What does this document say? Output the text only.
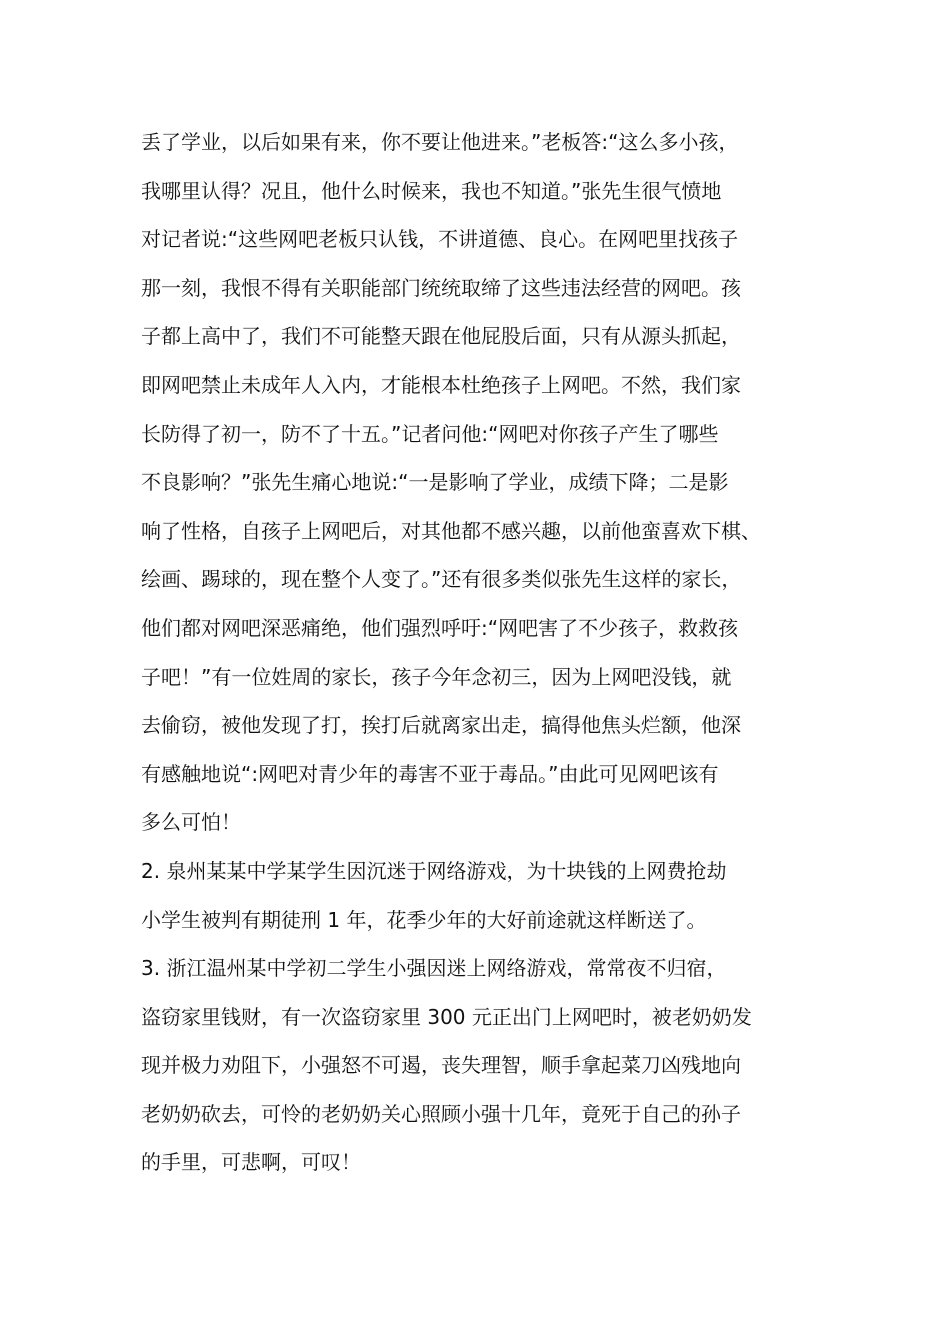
丢了学业，以后如果有来，你不要让他进来。”老板答:“这么多小孩，
我哪里认得？况且，他什么时候来，我也不知道。”张先生很气愤地
对记者说:“这些网吧老板只认钱，不讲道德、良心。在网吧里找孩子
那一刻，我恨不得有关职能部门统统取缔了这些违法经营的网吧。孩
子都上高中了，我们不可能整天跟在他屁股后面，只有从源头抓起，
即网吧禁止未成年人入内，才能根本杜绝孩子上网吧。不然，我们家
长防得了初一，防不了十五。”记者问他:“网吧对你孩子产生了哪些
不良影响？”张先生痛心地说:“一是影响了学业，成绩下降；二是影
响了性格，自孩子上网吧后，对其他都不感兴趣，以前他蛮喜欢下棋、
绘画、踢球的，现在整个人变了。”还有很多类似张先生这样的家长，
他们都对网吧深恶痛绝，他们强烈呼吁:“网吧害了不少孩子，救救孩
子吧！”有一位姓周的家长，孩子今年念初三，因为上网吧没钱，就
去偷窃，被他发现了打，挨打后就离家出走，搞得他焦头烂额，他深
有感触地说“:网吧对青少年的毒害不亚于毒品。”由此可见网吧该有
多么可怕！
2. 泉州某某中学某学生因沉迷于网络游戏，为十块钱的上网费抢劫
小学生被判有期徒刑 1 年，花季少年的大好前途就这样断送了。
3. 浙江温州某中学初二学生小强因迷上网络游戏，常常夜不归宿，
盗窃家里钱财，有一次盗窃家里 300 元正出门上网吧时，被老奶奶发
现并极力劝阻下，小强怒不可遏，丧失理智，顺手拿起菜刀凶残地向
老奶奶砍去，可怜的老奶奶关心照顾小强十几年，竟死于自己的孙子
的手里，可悲啊，可叹！
